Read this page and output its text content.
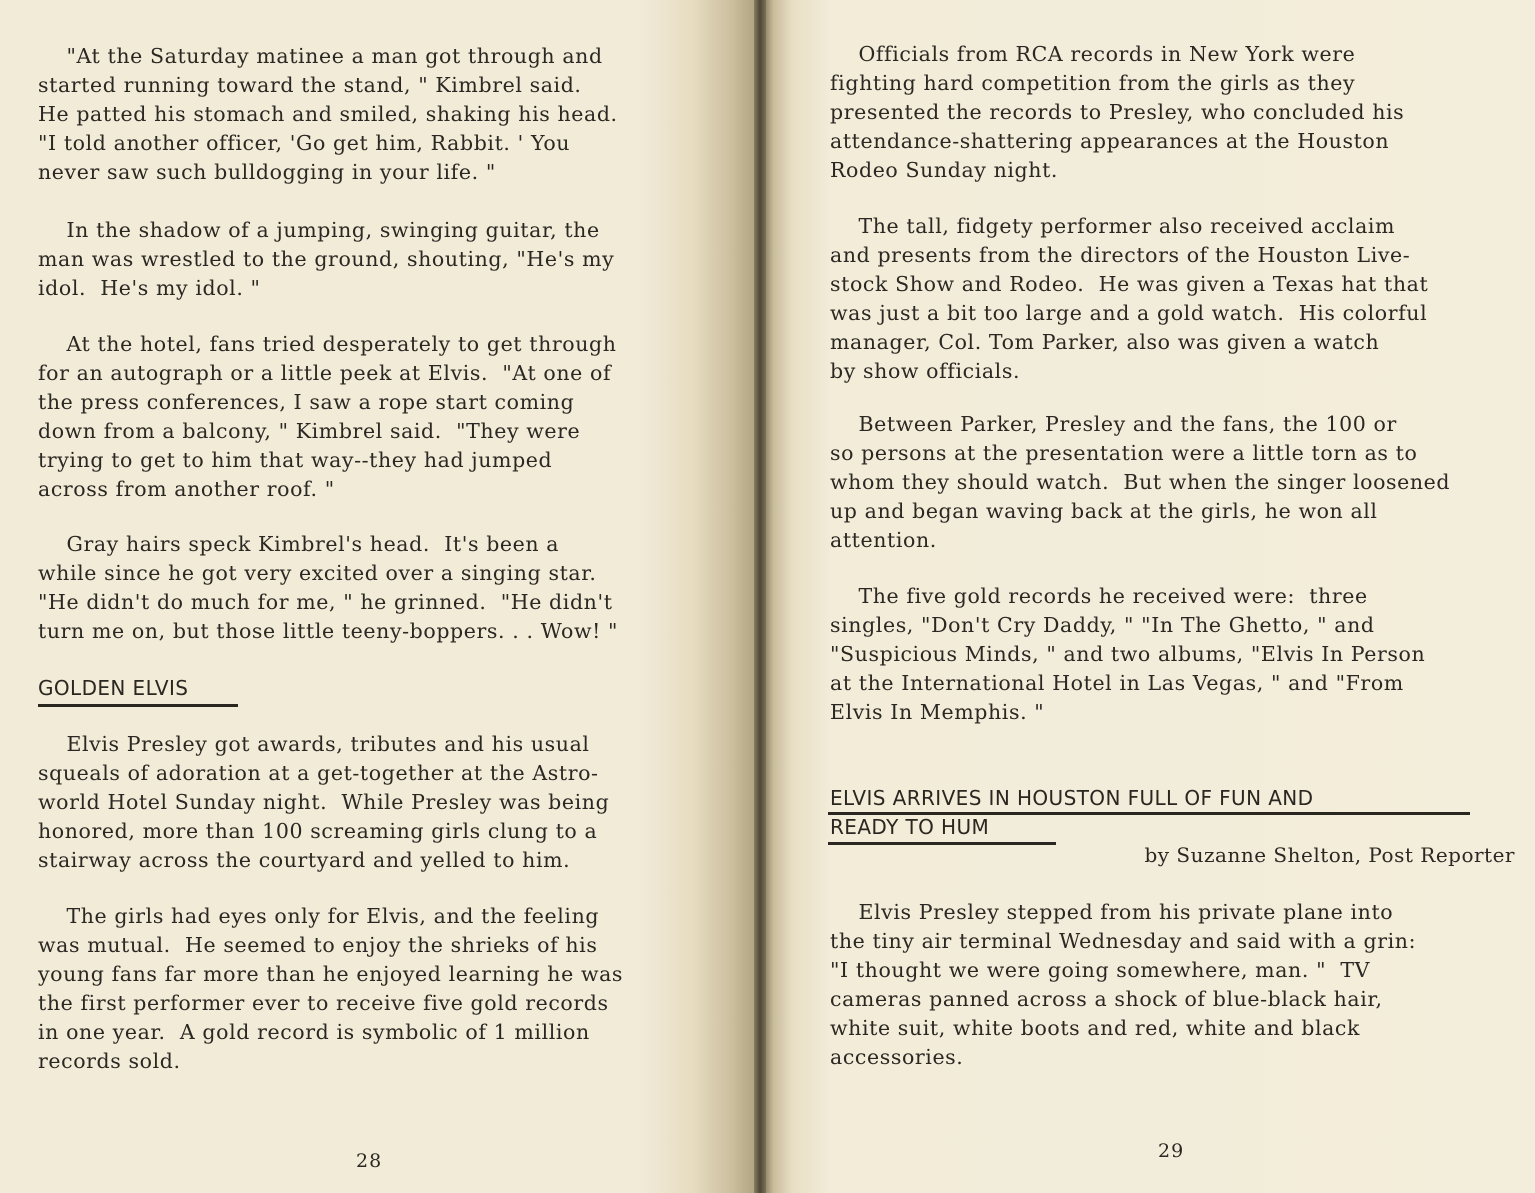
"At the Saturday matinee a man got through and
started running toward the stand, " Kimbrel said.
He patted his stomach and smiled, shaking his head.
"I told another officer, 'Go get him, Rabbit. ' You
never saw such bulldogging in your life. "

In the shadow of a jumping, swinging guitar, the
man was wrestled to the ground, shouting, "He's my
idol.  He's my idol. "

At the hotel, fans tried desperately to get through
for an autograph or a little peek at Elvis.  "At one of
the press conferences, I saw a rope start coming
down from a balcony, " Kimbrel said.  "They were
trying to get to him that way--they had jumped
across from another roof. "

Gray hairs speck Kimbrel's head.  It's been a
while since he got very excited over a singing star.
"He didn't do much for me, " he grinned.  "He didn't
turn me on, but those little teeny-boppers. . . Wow! "

GOLDEN ELVIS

Elvis Presley got awards, tributes and his usual
squeals of adoration at a get-together at the Astro-
world Hotel Sunday night.  While Presley was being
honored, more than 100 screaming girls clung to a
stairway across the courtyard and yelled to him.

The girls had eyes only for Elvis, and the feeling
was mutual.  He seemed to enjoy the shrieks of his
young fans far more than he enjoyed learning he was
the first performer ever to receive five gold records
in one year.  A gold record is symbolic of 1 million
records sold.

28

Officials from RCA records in New York were
fighting hard competition from the girls as they
presented the records to Presley, who concluded his
attendance-shattering appearances at the Houston
Rodeo Sunday night.

The tall, fidgety performer also received acclaim
and presents from the directors of the Houston Live-
stock Show and Rodeo.  He was given a Texas hat that
was just a bit too large and a gold watch.  His colorful
manager, Col. Tom Parker, also was given a watch
by show officials.

Between Parker, Presley and the fans, the 100 or
so persons at the presentation were a little torn as to
whom they should watch.  But when the singer loosened
up and began waving back at the girls, he won all
attention.

The five gold records he received were:  three
singles, "Don't Cry Daddy, " "In The Ghetto, " and
"Suspicious Minds, " and two albums, "Elvis In Person
at the International Hotel in Las Vegas, " and "From
Elvis In Memphis. "

ELVIS ARRIVES IN HOUSTON FULL OF FUN AND

READY TO HUM

by Suzanne Shelton, Post Reporter

Elvis Presley stepped from his private plane into
the tiny air terminal Wednesday and said with a grin:
"I thought we were going somewhere, man. "  TV
cameras panned across a shock of blue-black hair,
white suit, white boots and red, white and black
accessories.

29
